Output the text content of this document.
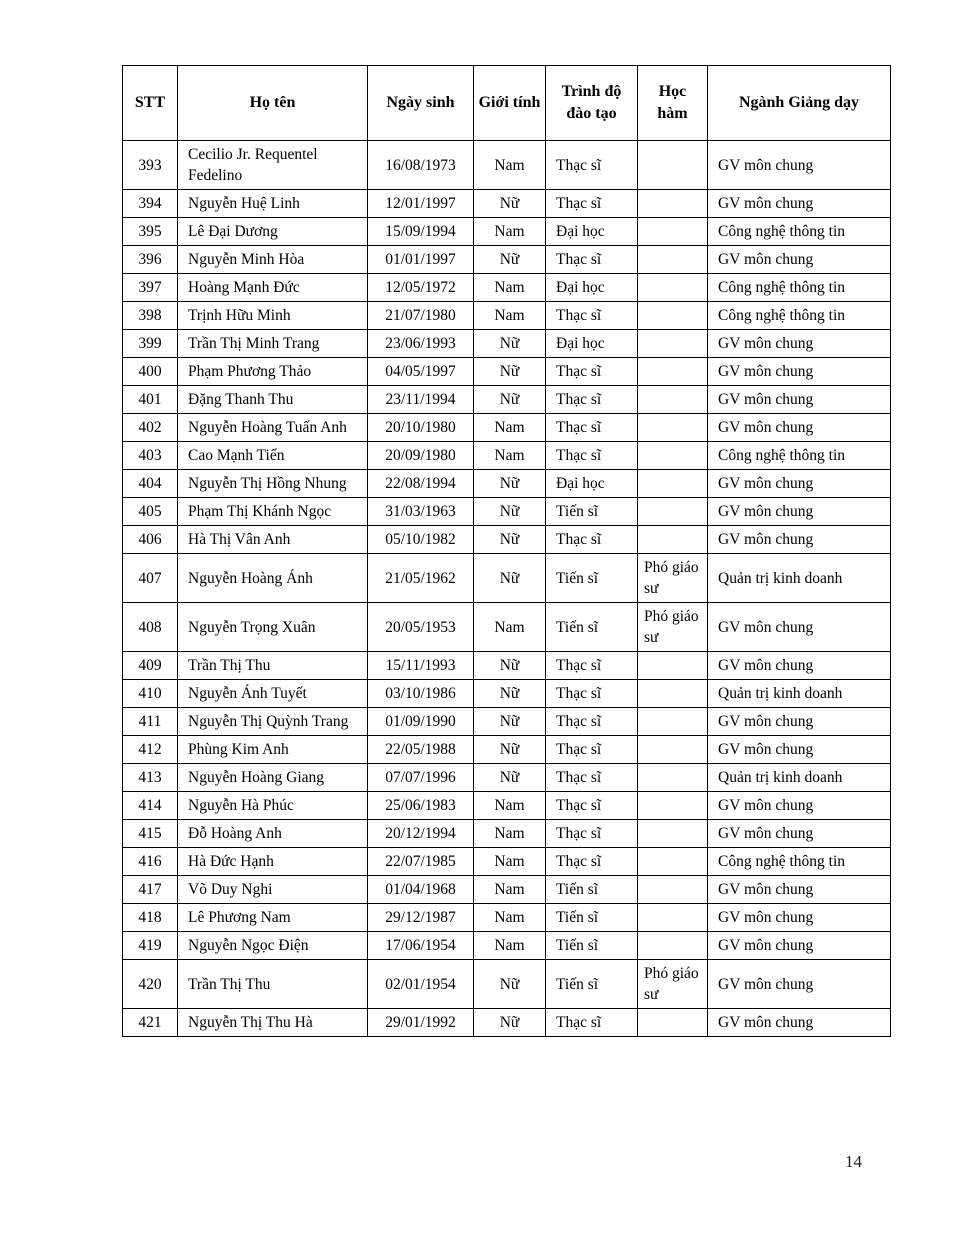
STT	Họ tên	Ngày sinh	Giới tính	Trình độ đào tạo	Học hàm	Ngành Giảng dạy
393	Cecilio Jr. Requentel Fedelino	16/08/1973	Nam	Thạc sĩ		GV môn chung
394	Nguyễn Huệ Linh	12/01/1997	Nữ	Thạc sĩ		GV môn chung
395	Lê Đại Dương	15/09/1994	Nam	Đại học		Công nghệ thông tin
396	Nguyễn Minh Hòa	01/01/1997	Nữ	Thạc sĩ		GV môn chung
397	Hoàng Mạnh Đức	12/05/1972	Nam	Đại học		Công nghệ thông tin
398	Trịnh Hữu Minh	21/07/1980	Nam	Thạc sĩ		Công nghệ thông tin
399	Trần Thị Minh Trang	23/06/1993	Nữ	Đại học		GV môn chung
400	Phạm Phương Thảo	04/05/1997	Nữ	Thạc sĩ		GV môn chung
401	Đặng Thanh Thu	23/11/1994	Nữ	Thạc sĩ		GV môn chung
402	Nguyễn Hoàng Tuấn Anh	20/10/1980	Nam	Thạc sĩ		GV môn chung
403	Cao Mạnh Tiến	20/09/1980	Nam	Thạc sĩ		Công nghệ thông tin
404	Nguyễn Thị Hồng Nhung	22/08/1994	Nữ	Đại học		GV môn chung
405	Phạm Thị Khánh Ngọc	31/03/1963	Nữ	Tiến sĩ		GV môn chung
406	Hà Thị Vân Anh	05/10/1982	Nữ	Thạc sĩ		GV môn chung
407	Nguyễn Hoàng Ánh	21/05/1962	Nữ	Tiến sĩ	Phó giáo sư	Quản trị kinh doanh
408	Nguyễn Trọng Xuân	20/05/1953	Nam	Tiến sĩ	Phó giáo sư	GV môn chung
409	Trần Thị Thu	15/11/1993	Nữ	Thạc sĩ		GV môn chung
410	Nguyễn Ánh Tuyết	03/10/1986	Nữ	Thạc sĩ		Quản trị kinh doanh
411	Nguyễn Thị Quỳnh Trang	01/09/1990	Nữ	Thạc sĩ		GV môn chung
412	Phùng Kim Anh	22/05/1988	Nữ	Thạc sĩ		GV môn chung
413	Nguyễn Hoàng Giang	07/07/1996	Nữ	Thạc sĩ		Quản trị kinh doanh
414	Nguyễn Hà Phúc	25/06/1983	Nam	Thạc sĩ		GV môn chung
415	Đỗ Hoàng Anh	20/12/1994	Nam	Thạc sĩ		GV môn chung
416	Hà Đức Hạnh	22/07/1985	Nam	Thạc sĩ		Công nghệ thông tin
417	Võ Duy Nghi	01/04/1968	Nam	Tiến sĩ		GV môn chung
418	Lê Phương Nam	29/12/1987	Nam	Tiến sĩ		GV môn chung
419	Nguyễn Ngọc Điện	17/06/1954	Nam	Tiến sĩ		GV môn chung
420	Trần Thị Thu	02/01/1954	Nữ	Tiến sĩ	Phó giáo sư	GV môn chung
421	Nguyễn Thị Thu Hà	29/01/1992	Nữ	Thạc sĩ		GV môn chung
14
